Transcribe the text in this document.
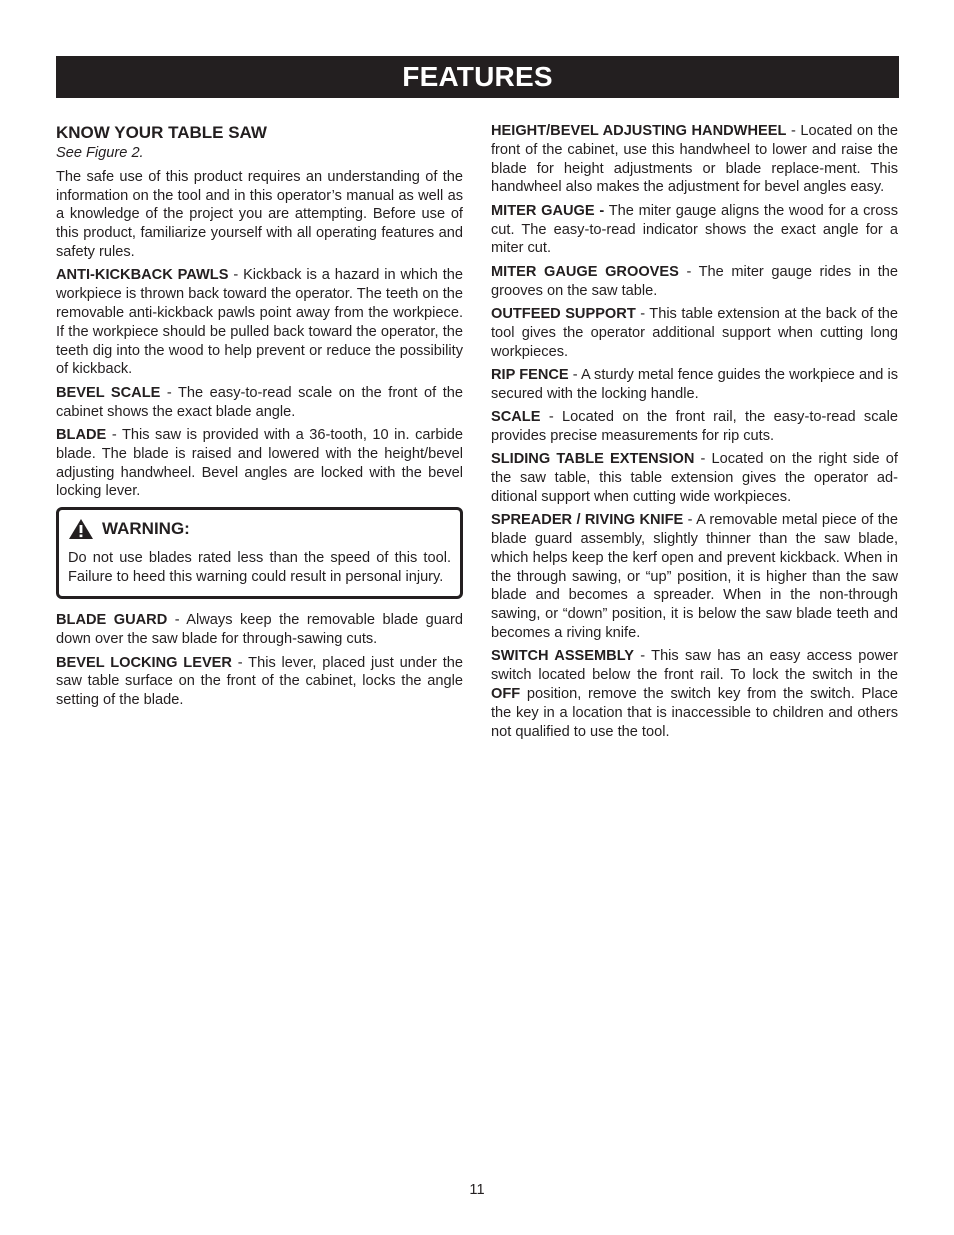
FEATURES
KNOW YOUR TABLE SAW
See Figure 2.

The safe use of this product requires an understanding of the information on the tool and in this operator’s manual as well as a knowledge of the project you are attempting. Before use of this product, familiarize yourself with all operating features and safety rules.

ANTI-KICKBACK PAWLS - Kickback is a hazard in which the workpiece is thrown back toward the operator. The teeth on the removable anti-kickback pawls point away from the workpiece. If the workpiece should be pulled back toward the operator, the teeth dig into the wood to help prevent or reduce the possibility of kickback.

BEVEL SCALE - The easy-to-read scale on the front of the cabinet shows the exact blade angle.

BLADE - This saw is provided with a 36-tooth, 10 in. carbide blade. The blade is raised and lowered with the height/bevel adjusting handwheel. Bevel angles are locked with the bevel locking lever.

WARNING:

Do not use blades rated less than the speed of this tool. Failure to heed this warning could result in personal injury.

BLADE GUARD - Always keep the removable blade guard down over the saw blade for through-sawing cuts.

BEVEL LOCKING LEVER - This lever, placed just under the saw table surface on the front of the cabinet, locks the angle setting of the blade.

HEIGHT/BEVEL ADJUSTING HANDWHEEL - Located on the front of the cabinet, use this handwheel to lower and raise the blade for height adjustments or blade replace-ment. This handwheel also makes the adjustment for bevel angles easy.

MITER GAUGE - The miter gauge aligns the wood for a cross cut. The easy-to-read indicator shows the exact angle for a miter cut.

MITER GAUGE GROOVES - The miter gauge rides in the grooves on the saw table.

OUTFEED SUPPORT - This table extension at the back of the tool gives the operator additional support when cutting long workpieces.

RIP FENCE - A sturdy metal fence guides the workpiece and is secured with the locking handle.

SCALE - Located on the front rail, the easy-to-read scale provides precise measurements for rip cuts.

SLIDING TABLE EXTENSION - Located on the right side of the saw table, this table extension gives the operator ad-ditional support when cutting wide workpieces.

SPREADER / RIVING KNIFE - A removable metal piece of the blade guard assembly, slightly thinner than the saw blade, which helps keep the kerf open and prevent kickback. When in the through sawing, or “up” position, it is higher than the saw blade and becomes a spreader. When in the non-through sawing, or “down” position, it is below the saw blade teeth and becomes a riving knife.

SWITCH ASSEMBLY - This saw has an easy access power switch located below the front rail. To lock the switch in the OFF position, remove the switch key from the switch. Place the key in a location that is inaccessible to children and others not qualified to use the tool.

11
